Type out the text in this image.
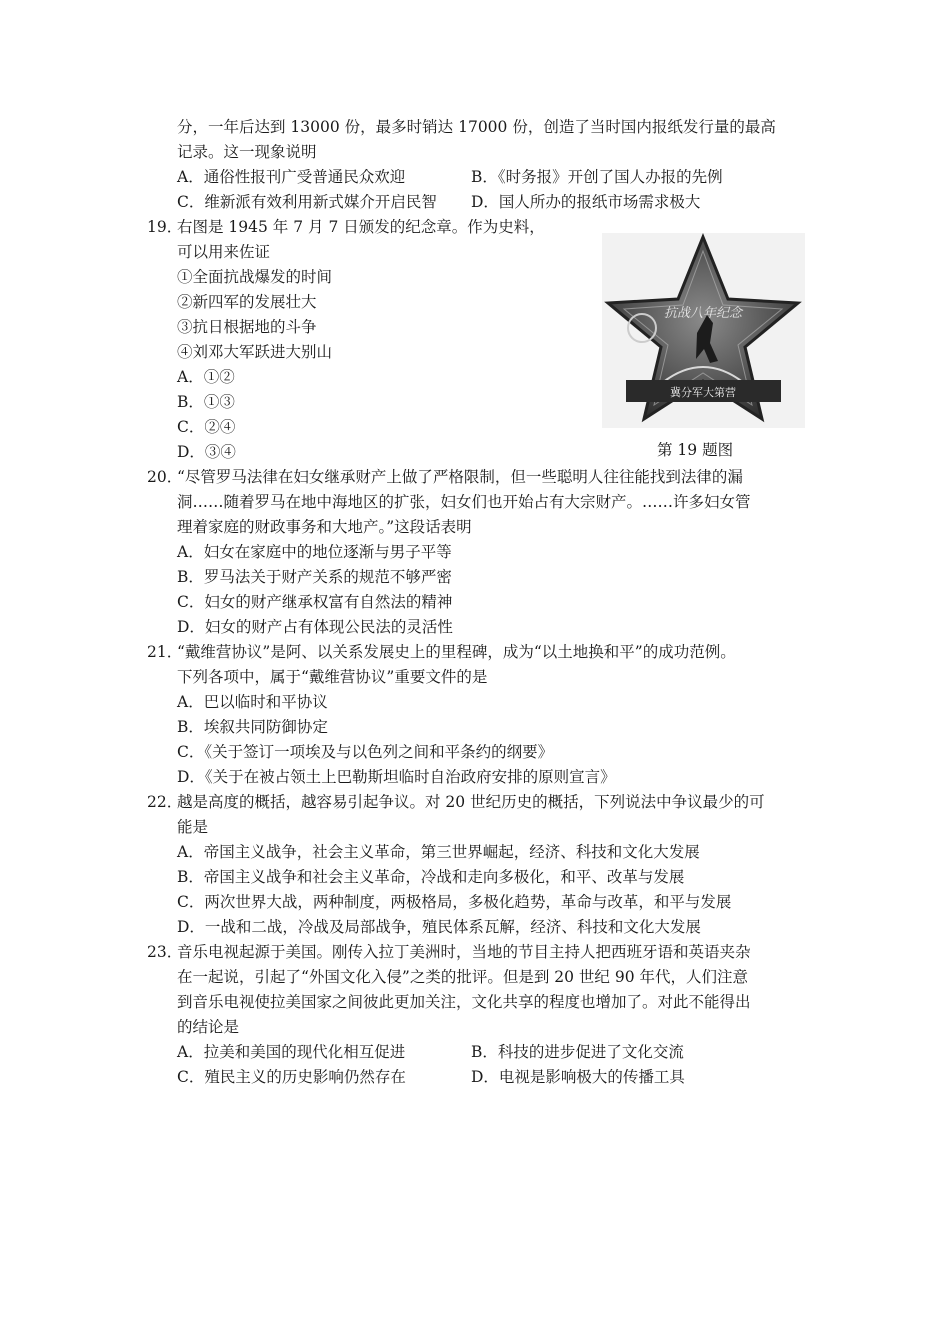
分，一年后达到 13000 份，最多时销达 17000 份，创造了当时国内报纸发行量的最高
记录。这一现象说明
A．通俗性报刊广受普通民众欢迎	B．《时务报》开创了国人办报的先例
C．维新派有效利用新式媒介开启民智 D．国人所办的报纸市场需求极大
19．
右图是 1945 年 7 月 7 日颁发的纪念章。作为史料，
可以用来佐证
①全面抗战爆发的时间
②新四军的发展壮大
③抗日根据地的斗争
④刘邓大军跃进大别山
A．①②
B．①③
C．②④
D．③④
抗战八年纪念
冀分军大第营
第 19 题图
20．
“尽管罗马法律在妇女继承财产上做了严格限制，但一些聪明人往往能找到法律的漏
洞……随着罗马在地中海地区的扩张，妇女们也开始占有大宗财产。……许多妇女管
理着家庭的财政事务和大地产。”这段话表明
A．妇女在家庭中的地位逐渐与男子平等
B．罗马法关于财产关系的规范不够严密
C．妇女的财产继承权富有自然法的精神
D．妇女的财产占有体现公民法的灵活性
21．
“戴维营协议”是阿、以关系发展史上的里程碑，成为“以土地换和平”的成功范例。
下列各项中，属于“戴维营协议”重要文件的是
A．巴以临时和平协议
B．埃叙共同防御协定
C．《关于签订一项埃及与以色列之间和平条约的纲要》
D．《关于在被占领土上巴勒斯坦临时自治政府安排的原则宣言》
22．
越是高度的概括，越容易引起争议。对 20 世纪历史的概括，下列说法中争议最少的可
能是
A．帝国主义战争，社会主义革命，第三世界崛起，经济、科技和文化大发展
B．帝国主义战争和社会主义革命，冷战和走向多极化，和平、改革与发展
C．两次世界大战，两种制度，两极格局，多极化趋势，革命与改革，和平与发展
D．一战和二战，冷战及局部战争，殖民体系瓦解，经济、科技和文化大发展
23．
音乐电视起源于美国。刚传入拉丁美洲时，当地的节目主持人把西班牙语和英语夹杂
在一起说，引起了“外国文化入侵”之类的批评。但是到 20 世纪 90 年代，人们注意
到音乐电视使拉美国家之间彼此更加关注，文化共享的程度也增加了。对此不能得出
的结论是
A．拉美和美国的现代化相互促进	B．科技的进步促进了文化交流
C．殖民主义的历史影响仍然存在	D．电视是影响极大的传播工具
